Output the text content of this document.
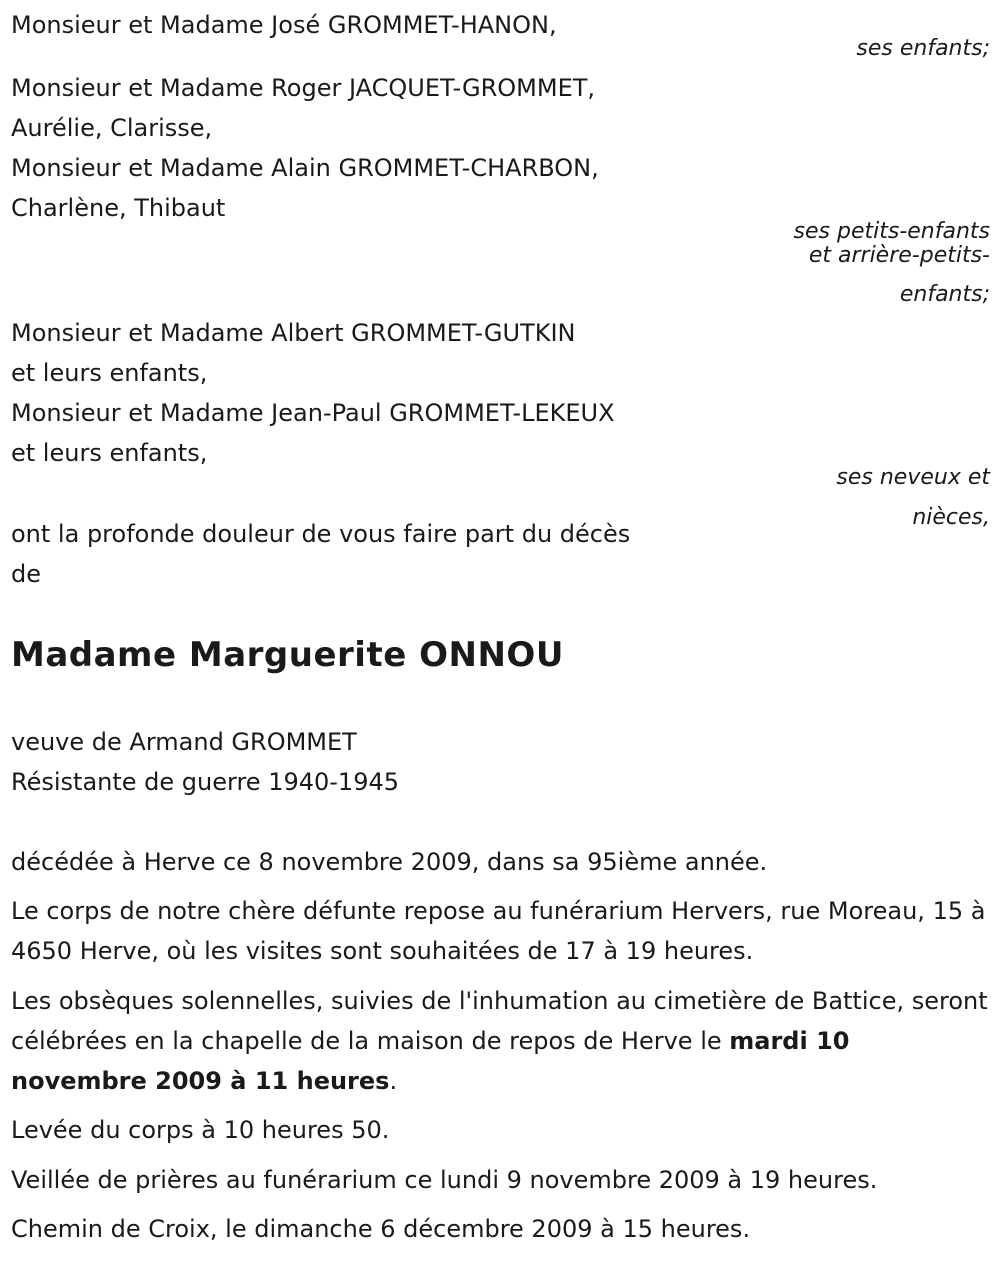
Monsieur et Madame José GROMMET-HANON,
ses enfants;
Monsieur et Madame Roger JACQUET-GROMMET,
Aurélie, Clarisse,
Monsieur et Madame Alain GROMMET-CHARBON,
Charlène, Thibaut
ses petits-enfants
et arrière-petits-
enfants;
Monsieur et Madame Albert GROMMET-GUTKIN
et leurs enfants,
Monsieur et Madame Jean-Paul GROMMET-LEKEUX
et leurs enfants,
ses neveux et
nièces,
ont la profonde douleur de vous faire part du décès
de
Madame Marguerite ONNOU
veuve de Armand GROMMET
Résistante de guerre 1940-1945
décédée à Herve ce 8 novembre 2009, dans sa 95ième année.
Le corps de notre chère défunte repose au funérarium Hervers, rue Moreau, 15 à 4650 Herve, où les visites sont souhaitées de 17 à 19 heures.
Les obsèques solennelles, suivies de l'inhumation au cimetière de Battice, seront célébrées en la chapelle de la maison de repos de Herve le mardi 10 novembre 2009 à 11 heures.
Levée du corps à 10 heures 50.
Veillée de prières au funérarium ce lundi 9 novembre 2009 à 19 heures.
Chemin de Croix, le dimanche 6 décembre 2009 à 15 heures.
